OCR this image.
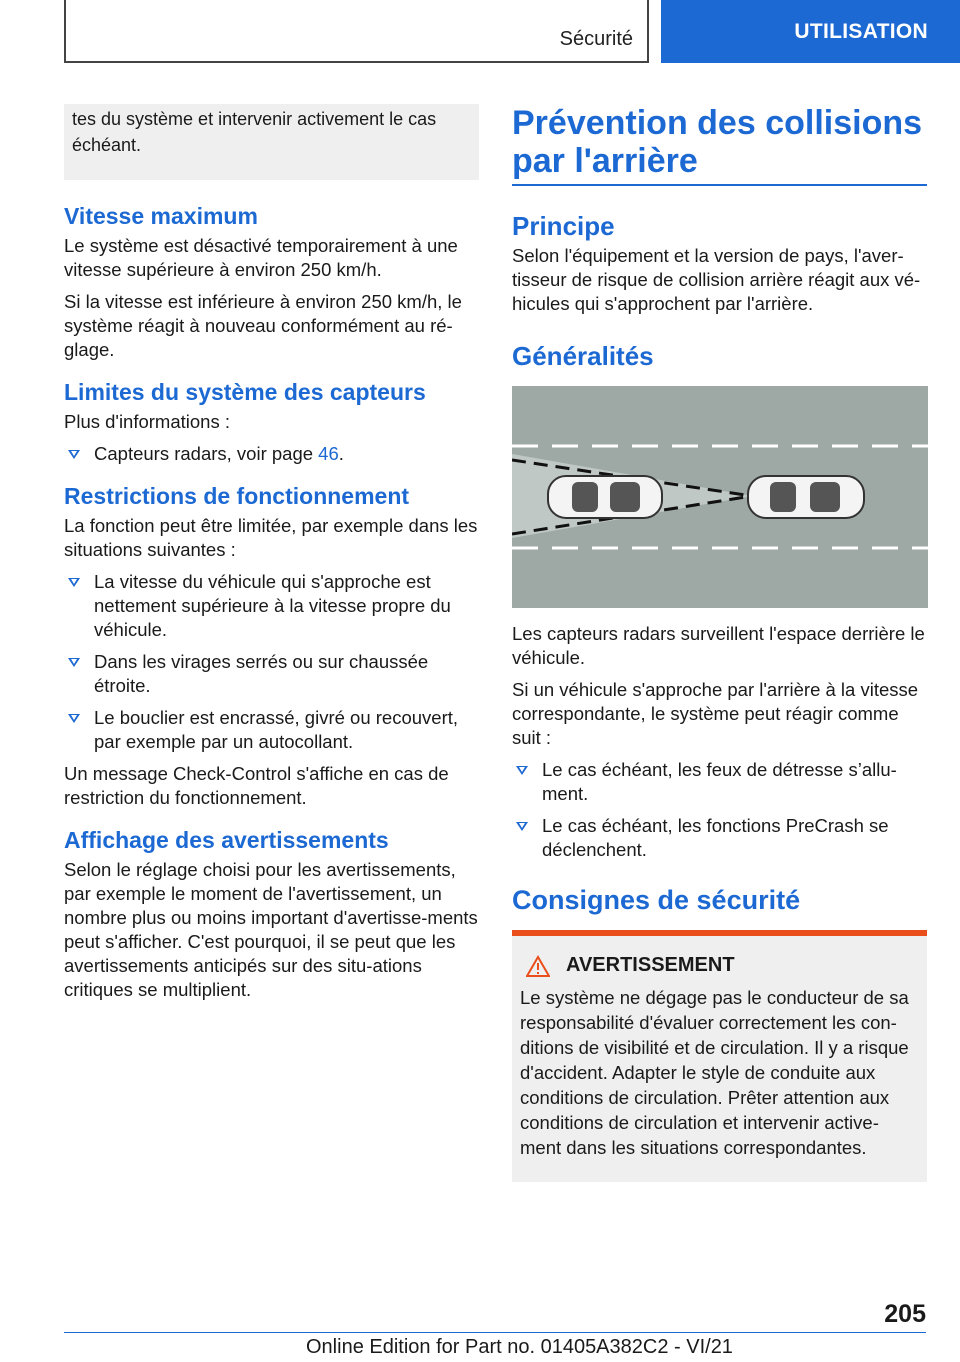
Sécurité	UTILISATION
tes du système et intervenir activement le cas échéant.
Vitesse maximum

Le système est désactivé temporairement à une vitesse supérieure à environ 250 km/h.

Si la vitesse est inférieure à environ 250 km/h, le système réagit à nouveau conformément au ré-glage.

Limites du système des capteurs

Plus d'informations :

Capteurs radars, voir page 46.
Restrictions de fonctionnement

La fonction peut être limitée, par exemple dans les situations suivantes :

La vitesse du véhicule qui s'approche est nettement supérieure à la vitesse propre du véhicule.
Dans les virages serrés ou sur chaussée étroite.
Le bouclier est encrassé, givré ou recouvert, par exemple par un autocollant.

Un message Check-Control s'affiche en cas de restriction du fonctionnement.

Affichage des avertissements

Selon le réglage choisi pour les avertissements, par exemple le moment de l'avertissement, un nombre plus ou moins important d'avertisse-ments peut s'afficher. C'est pourquoi, il se peut que les avertissements anticipés sur des situ-ations critiques se multiplient.

Prévention des collisions par l'arrière
Principe

Selon l'équipement et la version de pays, l'aver-tisseur de risque de collision arrière réagit aux vé-hicules qui s'approchent par l'arrière.

Généralités

Les capteurs radars surveillent l'espace derrière le véhicule.

Si un véhicule s'approche par l'arrière à la vitesse correspondante, le système peut réagir comme suit :

Le cas échéant, les feux de détresse s’allu-ment.
Le cas échéant, les fonctions PreCrash se déclenchent.
Consignes de sécurité
AVERTISSEMENT

Le système ne dégage pas le conducteur de sa responsabilité d'évaluer correctement les con-ditions de visibilité et de circulation. Il y a risque d'accident. Adapter le style de conduite aux conditions de circulation. Prêter attention aux conditions de circulation et intervenir active-ment dans les situations correspondantes.

205
Online Edition for Part no. 01405A382C2 - VI/21
